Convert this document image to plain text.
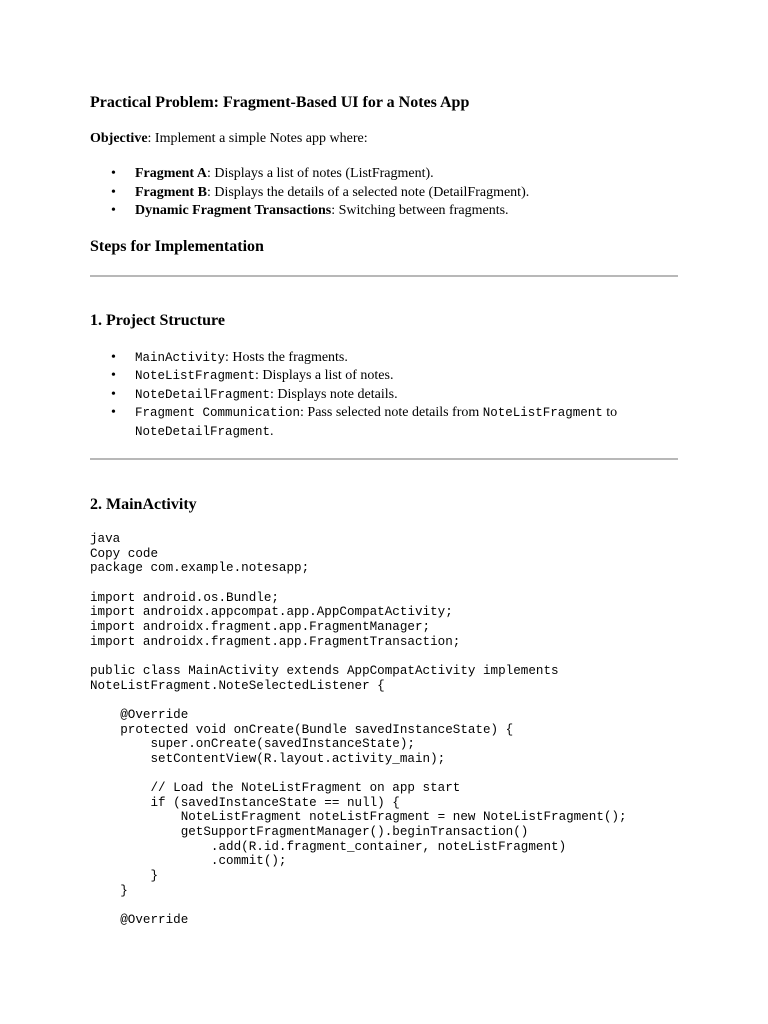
Practical Problem: Fragment-Based UI for a Notes App

Objective: Implement a simple Notes app where:

• Fragment A: Displays a list of notes (ListFragment).
• Fragment B: Displays the details of a selected note (DetailFragment).
• Dynamic Fragment Transactions: Switching between fragments.
Steps for Implementation
1. Project Structure
• MainActivity: Hosts the fragments.
• NoteListFragment: Displays a list of notes.
• NoteDetailFragment: Displays note details.
• Fragment Communication: Pass selected note details from NoteListFragment to NoteDetailFragment.
2. MainActivity
java
Copy code
package com.example.notesapp;

import android.os.Bundle;
import androidx.appcompat.app.AppCompatActivity;
import androidx.fragment.app.FragmentManager;
import androidx.fragment.app.FragmentTransaction;

public class MainActivity extends AppCompatActivity implements
NoteListFragment.NoteSelectedListener {

@Override
protected void onCreate(Bundle savedInstanceState) {
super.onCreate(savedInstanceState);
setContentView(R.layout.activity_main);

// Load the NoteListFragment on app start
if (savedInstanceState == null) {
NoteListFragment noteListFragment = new NoteListFragment();
getSupportFragmentManager().beginTransaction()
.add(R.id.fragment_container, noteListFragment)
.commit();
}
}

@Override
